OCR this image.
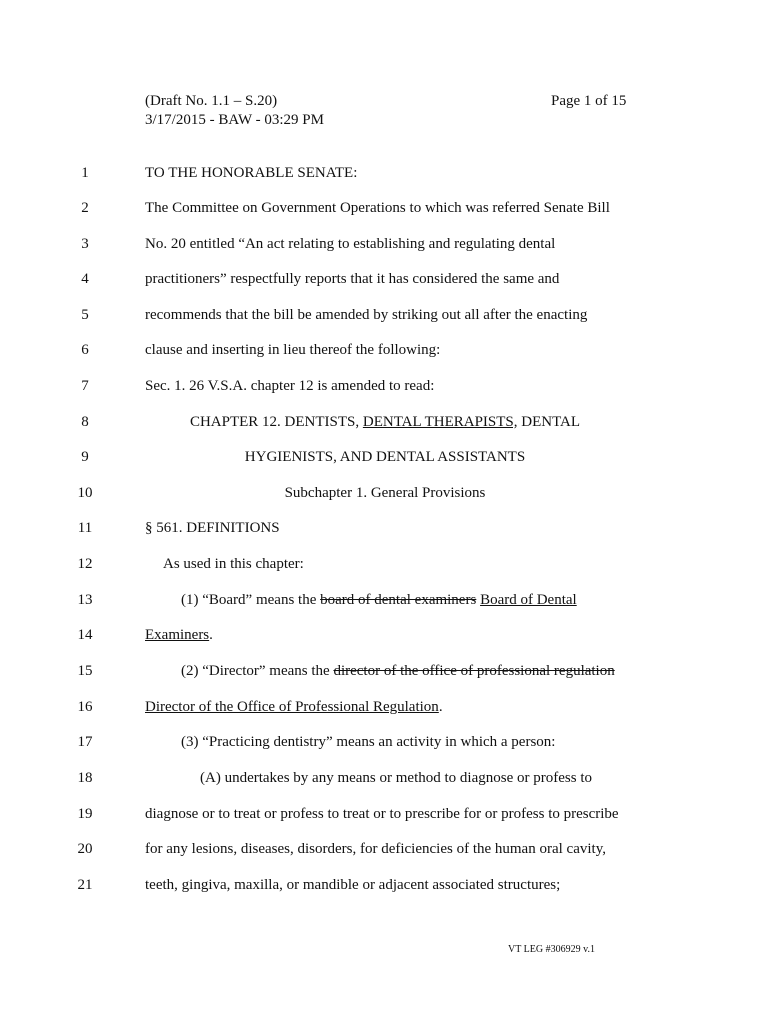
(Draft No. 1.1 – S.20)
3/17/2015 - BAW - 03:29 PM
Page 1 of 15
1	TO THE HONORABLE SENATE:
2	The Committee on Government Operations to which was referred Senate Bill
3	No. 20 entitled “An act relating to establishing and regulating dental
4	practitioners” respectfully reports that it has considered the same and
5	recommends that the bill be amended by striking out all after the enacting
6	clause and inserting in lieu thereof the following:
7	Sec. 1. 26 V.S.A. chapter 12 is amended to read:
8	CHAPTER 12. DENTISTS, DENTAL THERAPISTS, DENTAL
9	HYGIENISTS, AND DENTAL ASSISTANTS
10	Subchapter 1. General Provisions
11	§ 561. DEFINITIONS
12	As used in this chapter:
13	(1) “Board” means the board of dental examiners Board of Dental
14	Examiners.
15	(2) “Director” means the director of the office of professional regulation
16	Director of the Office of Professional Regulation.
17	(3) “Practicing dentistry” means an activity in which a person:
18	(A) undertakes by any means or method to diagnose or profess to
19	diagnose or to treat or profess to treat or to prescribe for or profess to prescribe
20	for any lesions, diseases, disorders, for deficiencies of the human oral cavity,
21	teeth, gingiva, maxilla, or mandible or adjacent associated structures;
VT LEG #306929 v.1
